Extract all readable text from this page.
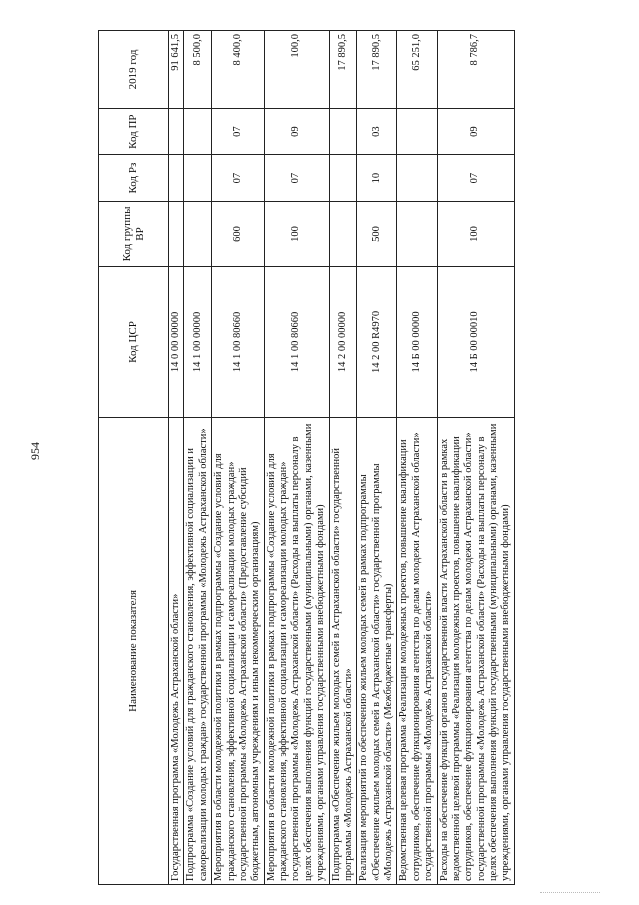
954
Наименование показателя	Код ЦСР	Код группы ВР	Код Рз	Код ПР	2019 год
Государственная программа «Молодежь Астраханской области»	14 0 00 00000				91 641,5
Подпрограмма «Создание условий для гражданского становления, эффективной социализации и самореализации молодых граждан» государственной программы «Молодежь Астраханской области»	14 1 00 00000				8 500,0
Мероприятия в области молодежной политики в рамках подпрограммы «Создание условий для гражданского становления, эффективной социализации и самореализации молодых граждан» государственной программы «Молодежь Астраханской области» (Предоставление субсидий бюджетным, автономным учреждениям и иным некоммерческим организациям)	14 1 00 80660	600	07	07	8 400,0
Мероприятия в области молодежной политики в рамках подпрограммы «Создание условий для гражданского становления, эффективной социализации и самореализации молодых граждан» государственной программы «Молодежь Астраханской области» (Расходы на выплаты персоналу в целях обеспечения выполнения функций государственными (муниципальными) органами, казенными учреждениями, органами управления государственными внебюджетными фондами)	14 1 00 80660	100	07	09	100,0
Подпрограмма «Обеспечение жильем молодых семей в Астраханской области» государственной программы «Молодежь Астраханской области»	14 2 00 00000				17 890,5
Реализация мероприятий по обеспечению жильем молодых семей в рамках подпрограммы «Обеспечение жильем молодых семей в Астраханской области» государственной программы «Молодежь Астраханской области» (Межбюджетные трансферты)	14 2 00 R4970	500	10	03	17 890,5
Ведомственная целевая программа «Реализация молодежных проектов, повышение квалификации сотрудников, обеспечение функционирования агентства по делам молодежи Астраханской области» государственной программы «Молодежь Астраханской области»	14 Б 00 00000				65 251,0
Расходы на обеспечение функций органов государственной власти Астраханской области в рамках ведомственной целевой программы «Реализация молодежных проектов, повышение квалификации сотрудников, обеспечение функционирования агентства по делам молодежи Астраханской области» государственной программы «Молодежь Астраханской области» (Расходы на выплаты персоналу в целях обеспечения выполнения функций государственными (муниципальными) органами, казенными учреждениями, органами управления государственными внебюджетными фондами)	14 Б 00 00010	100	07	09	8 786,7
